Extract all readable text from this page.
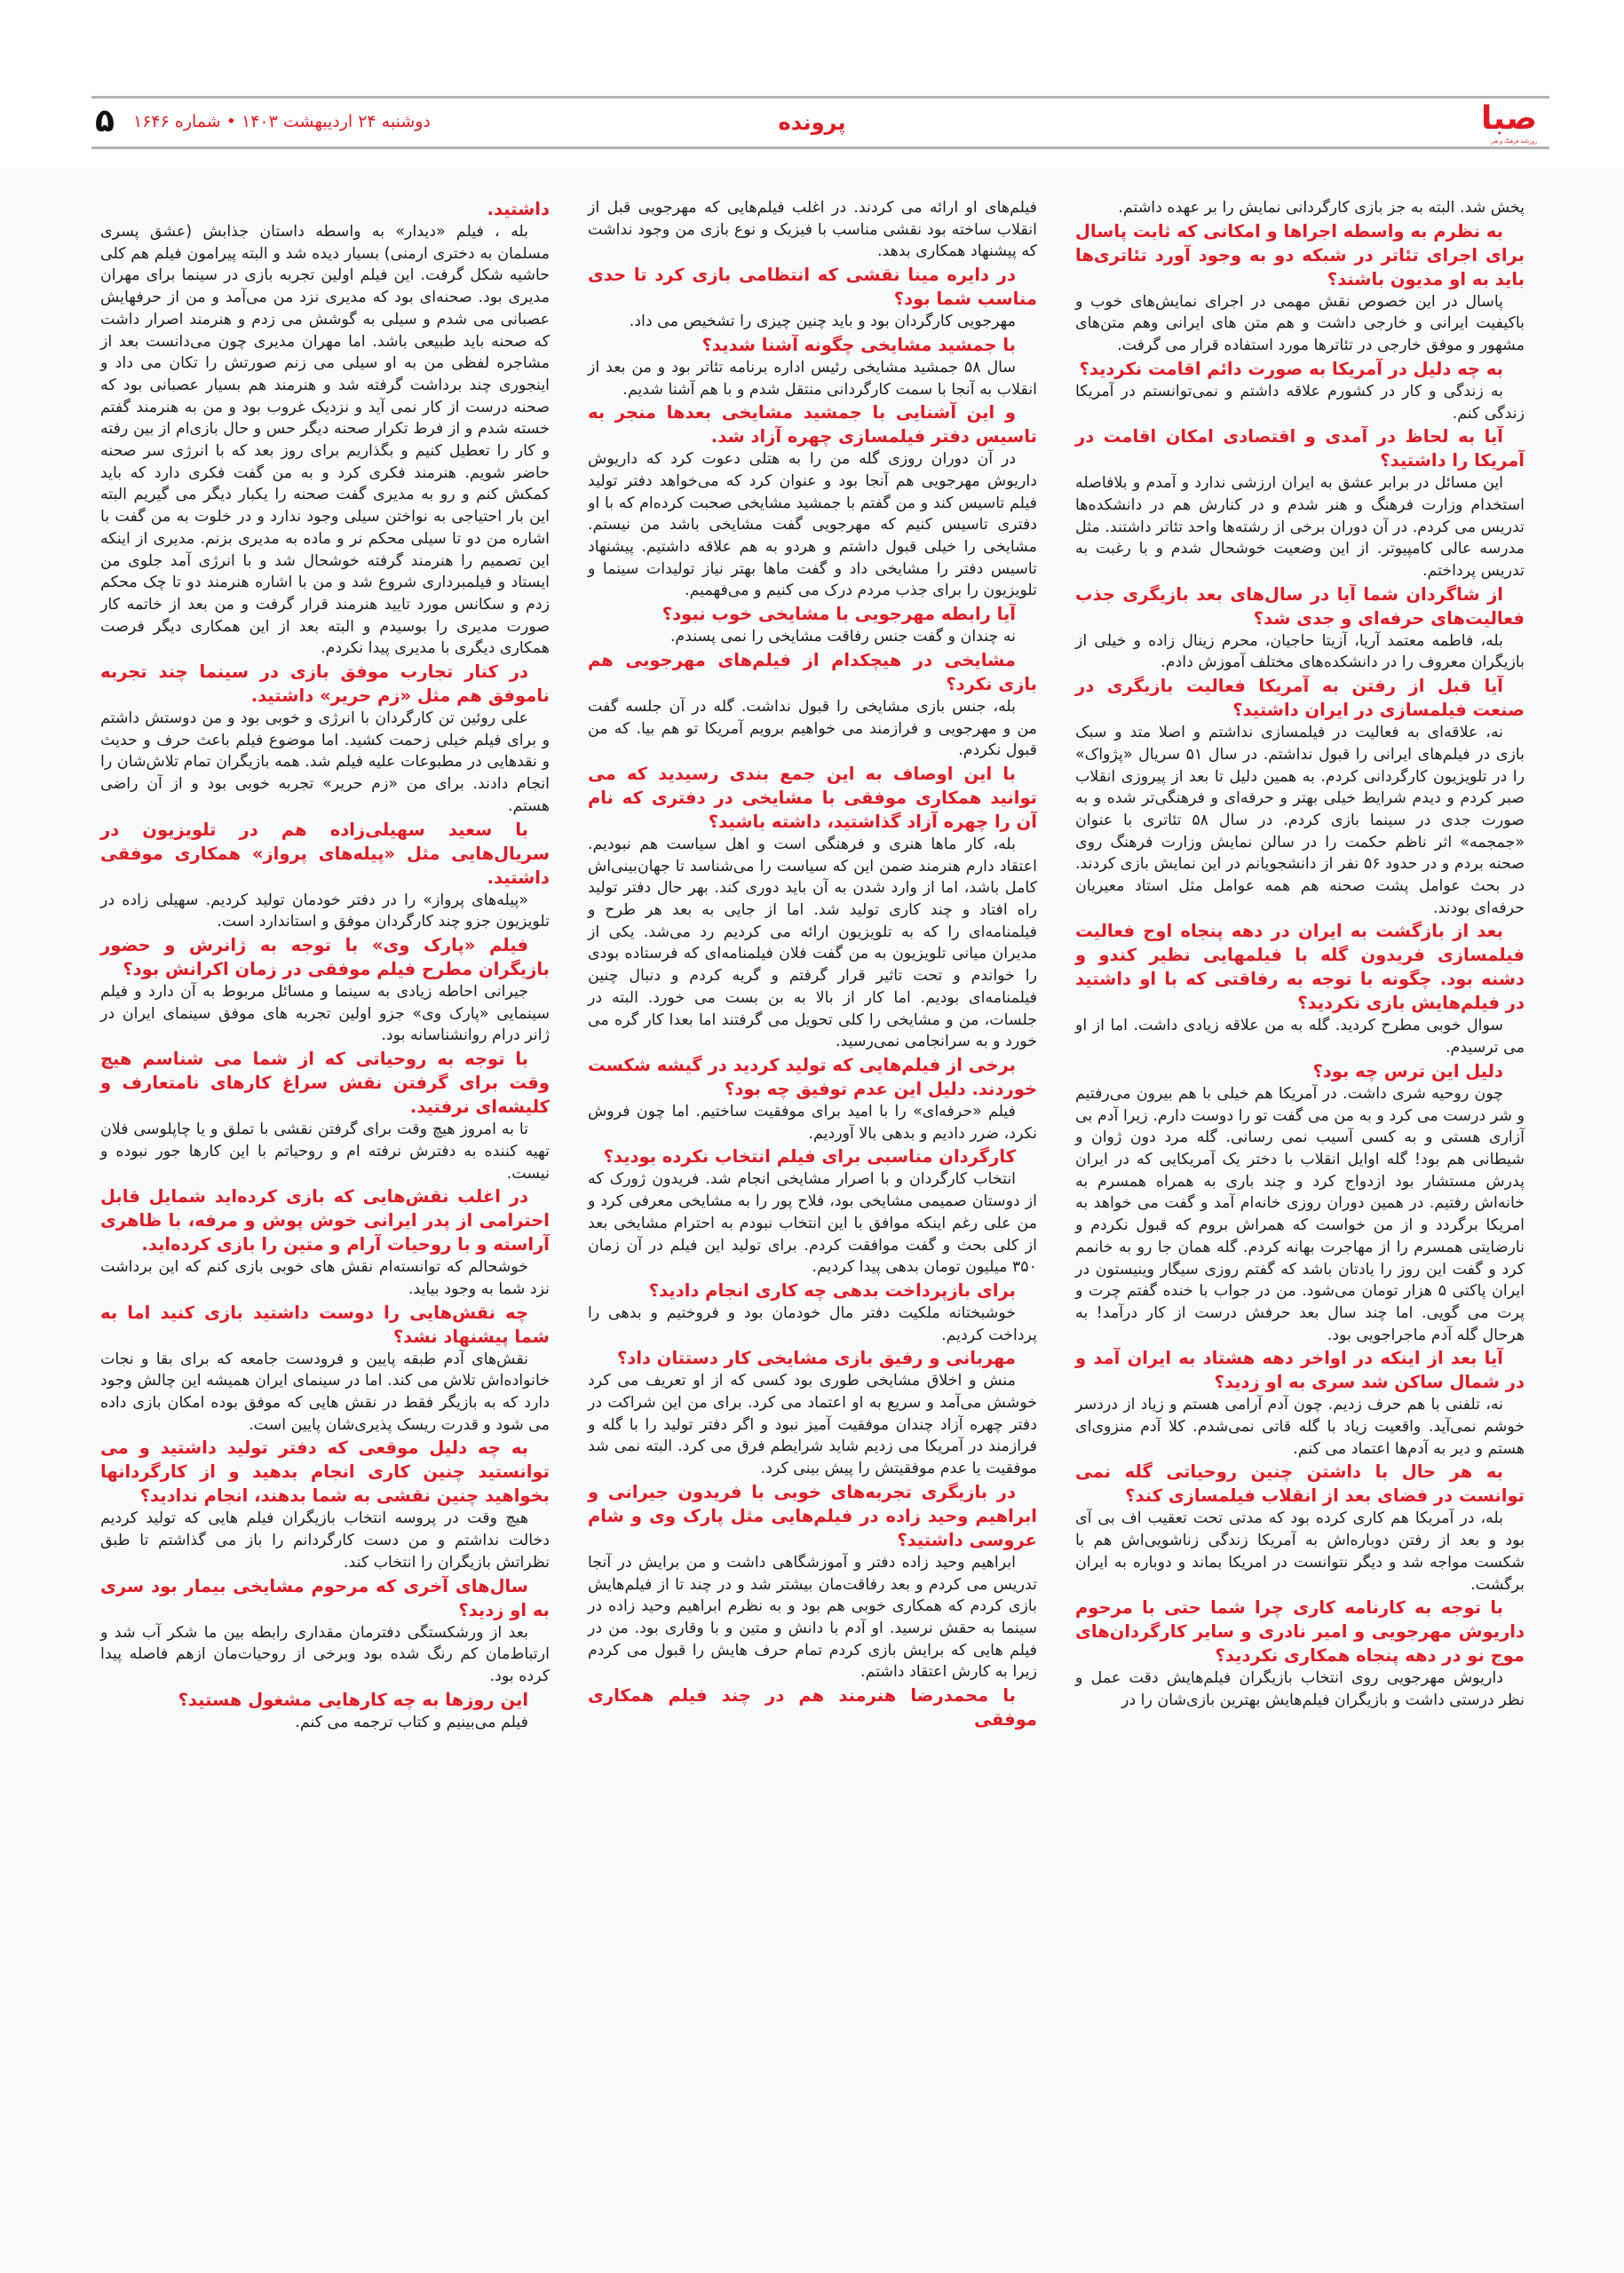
صبا
روزنامه فرهنگ و هنر
پرونده
دوشنبه ۲۴ اردیبهشت ۱۴۰۳ • شماره ۱۶۴۶
۵

پخش شد. البته به جز بازی کارگردانی نمایش را بر عهده داشتم.

به نظرم به واسطه اجراها و امکانی که ثابت پاسال برای اجرای تئاتر در شبکه دو به وجود آورد تئاتری‌ها باید به او مدیون باشند؟

پاسال در این خصوص نقش مهمی در اجرای نمایش‌های خوب و باکیفیت ایرانی و خارجی داشت و هم متن های ایرانی وهم متن‌های مشهور و موفق خارجی در تئاترها مورد استفاده قرار می گرفت.

به چه دلیل در آمریکا به صورت دائم اقامت نکردید؟

به زندگی و کار در کشورم علاقه داشتم و نمی‌توانستم در آمریکا زندگی کنم.

آیا به لحاظ در آمدی و اقتصادی امکان اقامت در آمریکا را داشتید؟

این مسائل در برابر عشق به ایران ارزشی ندارد و آمدم و بلافاصله استخدام وزارت فرهنگ و هنر شدم و در کنارش هم در دانشکده‌ها تدریس می کردم. در آن دوران برخی از رشته‌ها واحد تئاتر داشتند. مثل مدرسه عالی کامپیوتر. از این وضعیت خوشحال شدم و با رغبت به تدریس پرداختم.

از شاگردان شما آیا در سال‌های بعد بازیگری جذب فعالیت‌های حرفه‌ای و جدی شد؟

بله، فاطمه معتمد آریا، آزیتا حاجیان، محرم زینال زاده و خیلی از بازیگران معروف را در دانشکده‌های مختلف آموزش دادم.

آیا قبل از رفتن به آمریکا فعالیت بازیگری در صنعت فیلمسازی در ایران داشتید؟

نه، علاقه‌ای به فعالیت در فیلمسازی نداشتم و اصلا متد و سبک بازی در فیلم‌های ایرانی را قبول نداشتم. در سال ۵۱ سریال «پژواک» را در تلویزیون کارگردانی کردم. به همین دلیل تا بعد از پیروزی انقلاب صبر کردم و دیدم شرایط خیلی بهتر و حرفه‌ای و فرهنگی‌تر شده و به صورت جدی در سینما بازی کردم. در سال ۵۸ تئاتری با عنوان «جمجمه» اثر ناظم حکمت را در سالن نمایش وزارت فرهنگ روی صحنه بردم و در حدود ۵۶ نفر از دانشجویانم در این نمایش بازی کردند. در بحث عوامل پشت صحنه هم همه عوامل مثل استاد معیریان حرفه‌ای بودند.

بعد از بازگشت به ایران در دهه پنجاه اوج فعالیت فیلمسازی فریدون گله با فیلمهایی نظیر کندو و دشنه بود. چگونه با توجه به رفاقتی که با او داشتید در فیلم‌هایش بازی نکردید؟

سوال خوبی مطرح کردید. گله به من علاقه زیادی داشت. اما از او می ترسیدم.

دلیل این ترس چه بود؟

چون روحیه شری داشت. در آمریکا هم خیلی با هم بیرون می‌رفتیم و شر درست می کرد و به من می گفت تو را دوست دارم. زیرا آدم بی آزاری هستی و به کسی آسیب نمی رسانی. گله مرد دون ژوان و شیطانی هم بود! گله اوایل انقلاب با دختر یک آمریکایی که در ایران پدرش مستشار بود ازدواج کرد و چند باری به همراه همسرم به خانه‌اش رفتیم. در همین دوران روزی خانه‌ام آمد و گفت می خواهد به امریکا برگردد و از من خواست که همراش بروم که قبول نکردم و نارضایتی همسرم را از مهاجرت بهانه کردم. گله همان جا رو به خانمم کرد و گفت این روز را یادتان باشد که گفتم روزی سیگار وینیستون در ایران پاکتی ۵ هزار تومان می‌شود. من در جواب با خنده گفتم چرت و پرت می گویی. اما چند سال بعد حرفش درست از کار درآمد! به هرحال گله آدم ماجراجویی بود.

آیا بعد از اینکه در اواخر دهه هشتاد به ایران آمد و در شمال ساکن شد سری به او زدید؟

نه، تلفنی با هم حرف زدیم. چون آدم آرامی هستم و زیاد از دردسر خوشم نمی‌آید. واقعیت زیاد با گله قاتی نمی‌شدم. کلا آدم منزوی‌ای هستم و دیر به آدم‌ها اعتماد می کنم.

به هر حال با داشتن چنین روحیاتی گله نمی توانست در فضای بعد از انقلاب فیلمسازی کند؟

بله، در آمریکا هم کاری کرده بود که مدتی تحت تعقیب اف بی آی بود و بعد از رفتن دوباره‌اش به آمریکا زندگی زناشویی‌اش هم با شکست مواجه شد و دیگر نتوانست در امریکا بماند و دوباره به ایران برگشت.

با توجه به کارنامه کاری چرا شما حتی با مرحوم داریوش مهرجویی و امیر نادری و سایر کارگردان‌های موج نو در دهه پنجاه همکاری نکردید؟

داریوش مهرجویی روی انتخاب بازیگران فیلم‌هایش دقت عمل و نظر درستی داشت و بازیگران فیلم‌هایش بهترین بازی‌شان را در

فیلم‌های او ارائه می کردند. در اغلب فیلم‌هایی که مهرجویی قبل از انقلاب ساخته بود نقشی مناسب با فیزیک و نوع بازی من وجود نداشت که پیشنهاد همکاری بدهد.

در دایره مینا نقشی که انتظامی بازی کرد تا حدی مناسب شما بود؟

مهرجویی کارگردان بود و باید چنین چیزی را تشخیص می داد.

با جمشید مشایخی چگونه آشنا شدید؟

سال ۵۸ جمشید مشایخی رئیس اداره برنامه تئاتر بود و من بعد از انقلاب به آنجا با سمت کارگردانی منتقل شدم و با هم آشنا شدیم.

و این آشنایی با جمشید مشایخی بعدها منجر به تاسیس دفتر فیلمسازی چهره آزاد شد.

در آن دوران روزی گله من را به هتلی دعوت کرد که داریوش داریوش مهرجویی هم آنجا بود و عنوان کرد که می‌خواهد دفتر تولید فیلم تاسیس کند و من گفتم با جمشید مشایخی صحبت کرده‌ام که با او دفتری تاسیس کنیم که مهرجویی گفت مشایخی باشد من نیستم. مشایخی را خیلی قبول داشتم و هردو به هم علاقه داشتیم. پیشنهاد تاسیس دفتر را مشایخی داد و گفت ماها بهتر نیاز تولیدات سینما و تلویزیون را برای جذب مردم درک می کنیم و می‌فهمیم.

آیا رابطه مهرجویی با مشایخی خوب نبود؟

نه چندان و گفت جنس رفاقت مشایخی را نمی پسندم.

مشایخی در هیچکدام از فیلم‌های مهرجویی هم بازی نکرد؟

بله، جنس بازی مشایخی را قبول نداشت. گله در آن جلسه گفت من و مهرجویی و فرازمند می خواهیم برویم آمریکا تو هم بیا. که من قبول نکردم.

با این اوصاف به این جمع بندی رسیدید که می توانید همکاری موفقی با مشایخی در دفتری که نام آن را چهره آزاد گذاشتید، داشته باشید؟

بله، کار ماها هنری و فرهنگی است و اهل سیاست هم نبودیم. اعتقاد دارم هنرمند ضمن این که سیاست را می‌شناسد تا جهان‌بینی‌اش کامل باشد، اما از وارد شدن به آن باید دوری کند. بهر حال دفتر تولید راه افتاد و چند کاری تولید شد. اما از جایی به بعد هر طرح و فیلمنامه‌ای را که به تلویزیون ارائه می کردیم رد می‌شد. یکی از مدیران میانی تلویزیون به من گفت فلان فیلمنامه‌ای که فرستاده بودی را خواندم و تحت تاثیر قرار گرفتم و گریه کردم و دنبال چنین فیلمنامه‌ای بودیم. اما کار از بالا به بن بست می خورد. البته در جلسات، من و مشایخی را کلی تحویل می گرفتند اما بعدا کار گره می خورد و به سرانجامی نمی‌رسید.

برخی از فیلم‌هایی که تولید کردید در گیشه شکست خوردند. دلیل این عدم توفیق چه بود؟

فیلم «حرفه‌ای» را با امید برای موفقیت ساختیم. اما چون فروش نکرد، ضرر دادیم و بدهی بالا آوردیم.

کارگردان مناسبی برای فیلم انتخاب نکرده بودید؟

انتخاب کارگردان و با اصرار مشایخی انجام شد. فریدون ژورک که از دوستان صمیمی مشایخی بود، فلاح پور را به مشایخی معرفی کرد و من علی رغم اینکه موافق با این انتخاب نبودم به احترام مشایخی بعد از کلی بحث و گفت موافقت کردم. برای تولید این فیلم در آن زمان ۳۵۰ میلیون تومان بدهی پیدا کردیم.

برای بازپرداخت بدهی چه کاری انجام دادید؟

خوشبختانه ملکیت دفتر مال خودمان بود و فروختیم و بدهی را پرداخت کردیم.

مهربانی و رفیق بازی مشایخی کار دستتان داد؟

منش و اخلاق مشایخی طوری بود کسی که از او تعریف می کرد خوشش می‌آمد و سریع به او اعتماد می کرد. برای من این شراکت در دفتر چهره آزاد چندان موفقیت آمیز نبود و اگر دفتر تولید را با گله و فرازمند در آمریکا می زدیم شاید شرایطم فرق می کرد. البته نمی شد موفقیت یا عدم موفقیتش را پیش بینی کرد.

در بازیگری تجربه‌های خوبی با فریدون جیرانی و ابراهیم وحید زاده در فیلم‌هایی مثل پارک وی و شام عروسی داشتید؟

ابراهیم وحید زاده دفتر و آموزشگاهی داشت و من برایش در آنجا تدریس می کردم و بعد رفاقت‌مان بیشتر شد و در چند تا از فیلم‌هایش بازی کردم که همکاری خوبی هم بود و به نظرم ابراهیم وحید زاده در سینما به حقش نرسید. او آدم با دانش و متین و با وقاری بود. من در فیلم هایی که برایش بازی کردم تمام حرف هایش را قبول می کردم زیرا به کارش اعتقاد داشتم.

با محمدرضا هنرمند هم در چند فیلم همکاری موفقی

داشتید.

بله ، فیلم «دیدار» به واسطه داستان جذابش (عشق پسری مسلمان به دختری ارمنی) بسیار دیده شد و البته پیرامون فیلم هم کلی حاشیه شکل گرفت. این فیلم اولین تجربه بازی در سینما برای مهران مدیری بود. صحنه‌ای بود که مدیری نزد من می‌آمد و من از حرفهایش عصبانی می شدم و سیلی به گوشش می زدم و هنرمند اصرار داشت که صحنه باید طبیعی باشد. اما مهران مدیری چون می‌دانست بعد از مشاجره لفظی من به او سیلی می زنم صورتش را تکان می داد و اینجوری چند برداشت گرفته شد و هنرمند هم بسیار عصبانی بود که صحنه درست از کار نمی آید و نزدیک غروب بود و من به هنرمند گفتم خسته شدم و از فرط تکرار صحنه دیگر حس و حال بازی‌ام از بین رفته و کار را تعطیل کنیم و بگذاریم برای روز بعد که با انرژی سر صحنه حاضر شویم. هنرمند فکری کرد و به من گفت فکری دارد که باید کمکش کنم و رو به مدیری گفت صحنه را یکبار دیگر می گیریم البته این بار احتیاجی به نواختن سیلی وجود ندارد و در خلوت به من گفت با اشاره من دو تا سیلی محکم نر و ماده به مدیری بزنم. مدیری از اینکه این تصمیم را هنرمند گرفته خوشحال شد و با انرژی آمد جلوی من ایستاد و فیلمبرداری شروع شد و من با اشاره هنرمند دو تا چک محکم زدم و سکانس مورد تایید هنرمند قرار گرفت و من بعد از خاتمه کار صورت مدیری را بوسیدم و البته بعد از این همکاری دیگر فرصت همکاری دیگری با مدیری پیدا نکردم.

در کنار تجارب موفق بازی در سینما چند تجربه ناموفق هم مثل «زم حریر» داشتید.

علی روئین تن کارگردان با انرژی و خوبی بود و من دوستش داشتم و برای فیلم خیلی زحمت کشید. اما موضوع فیلم باعث حرف و حدیث و نقدهایی در مطبوعات علیه فیلم شد. همه بازیگران تمام تلاش‌شان را انجام دادند. برای من «زم حریر» تجربه خوبی بود و از آن راضی هستم.

با سعید سهیلی‌زاده هم در تلویزیون در سریال‌هایی مثل «پیله‌های پرواز» همکاری موفقی داشتید.

«پیله‌های پرواز» را در دفتر خودمان تولید کردیم. سهیلی زاده در تلویزیون جزو چند کارگردان موفق و استاندارد است.

فیلم «پارک وی» با توجه به ژانرش و حضور بازیگران مطرح فیلم موفقی در زمان اکرانش بود؟

جیرانی احاطه زیادی به سینما و مسائل مربوط به آن دارد و فیلم سینمایی «پارک وی» جزو اولین تجربه های موفق سینمای ایران در ژانر درام روانشناسانه بود.

با توجه به روحیاتی که از شما می شناسم هیچ وقت برای گرفتن نقش سراغ کارهای نامتعارف و کلیشه‌ای نرفتید.

تا به امروز هیچ وقت برای گرفتن نقشی با تملق و یا چاپلوسی فلان تهیه کننده به دفترش نرفته ام و روحیاتم با این کارها جور نبوده و نیست.

در اغلب نقش‌هایی که بازی کرده‌اید شمایل قابل احترامی از پدر ایرانی خوش پوش و مرفه، با ظاهری آراسته و با روحیات آرام و متین را بازی کرده‌اید.

خوشحالم که توانسته‌ام نقش های خوبی بازی کنم که این برداشت نزد شما به وجود بیاید.

چه نقش‌هایی را دوست داشتید بازی کنید اما به شما پیشنهاد نشد؟

نقش‌های آدم طبقه پایین و فرودست جامعه که برای بقا و نجات خانواده‌اش تلاش می کند. اما در سینمای ایران همیشه این چالش وجود دارد که به بازیگر فقط در نقش هایی که موفق بوده امکان بازی داده می شود و قدرت ریسک پذیری‌شان پایین است.

به چه دلیل موقعی که دفتر تولید داشتید و می توانستید چنین کاری انجام بدهید و از کارگردانها بخواهید چنین نقشی به شما بدهند، انجام ندادید؟

هیچ وقت در پروسه انتخاب بازیگران فیلم هایی که تولید کردیم دخالت نداشتم و من دست کارگردانم را باز می گذاشتم تا طبق نظراتش بازیگران را انتخاب کند.

سال‌های آخری که مرحوم مشایخی بیمار بود سری به او زدید؟

بعد از ورشکستگی دفترمان مقداری رابطه بین ما شکر آب شد و ارتباط‌مان کم رنگ شده بود وبرخی از روحیات‌مان ازهم فاصله پیدا کرده بود.

این روزها به چه کارهایی مشغول هستید؟

فیلم می‌بینیم و کتاب ترجمه می کنم.
